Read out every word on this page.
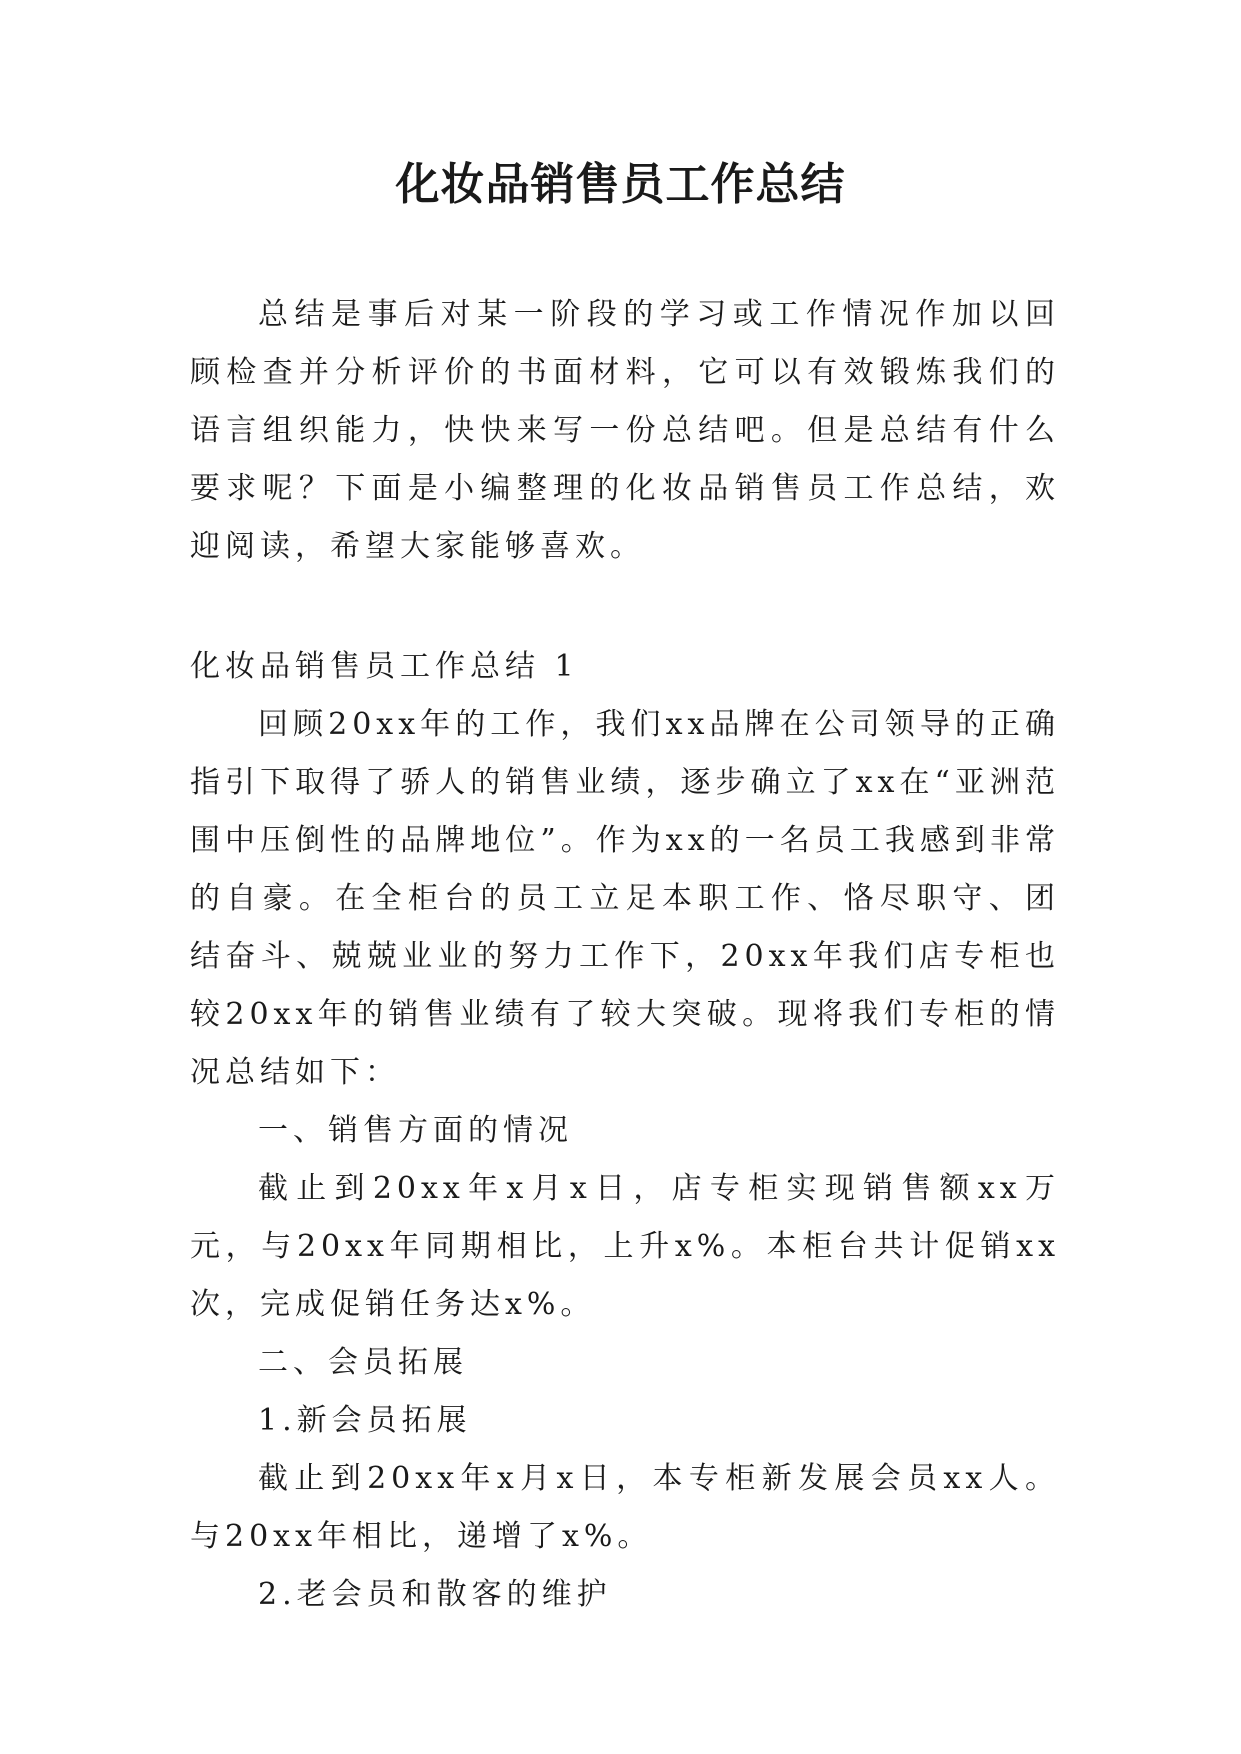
化妆品销售员工作总结

总结是事后对某一阶段的学习或工作情况作加以回顾检查并分析评价的书面材料，它可以有效锻炼我们的语言组织能力，快快来写一份总结吧。但是总结有什么要求呢？下面是小编整理的化妆品销售员工作总结，欢迎阅读，希望大家能够喜欢。

化妆品销售员工作总结 1

回顾20xx年的工作，我们xx品牌在公司领导的正确指引下取得了骄人的销售业绩，逐步确立了xx在“亚洲范围中压倒性的品牌地位”。作为xx的一名员工我感到非常的自豪。在全柜台的员工立足本职工作、恪尽职守、团结奋斗、兢兢业业的努力工作下，20xx年我们店专柜也较20xx年的销售业绩有了较大突破。现将我们专柜的情况总结如下：

一、销售方面的情况

截止到20xx年x月x日，店专柜实现销售额xx万元，与20xx年同期相比，上升x%。本柜台共计促销xx次，完成促销任务达x%。

二、会员拓展

1.新会员拓展

截止到20xx年x月x日，本专柜新发展会员xx人。与20xx年相比，递增了x%。

2.老会员和散客的维护
